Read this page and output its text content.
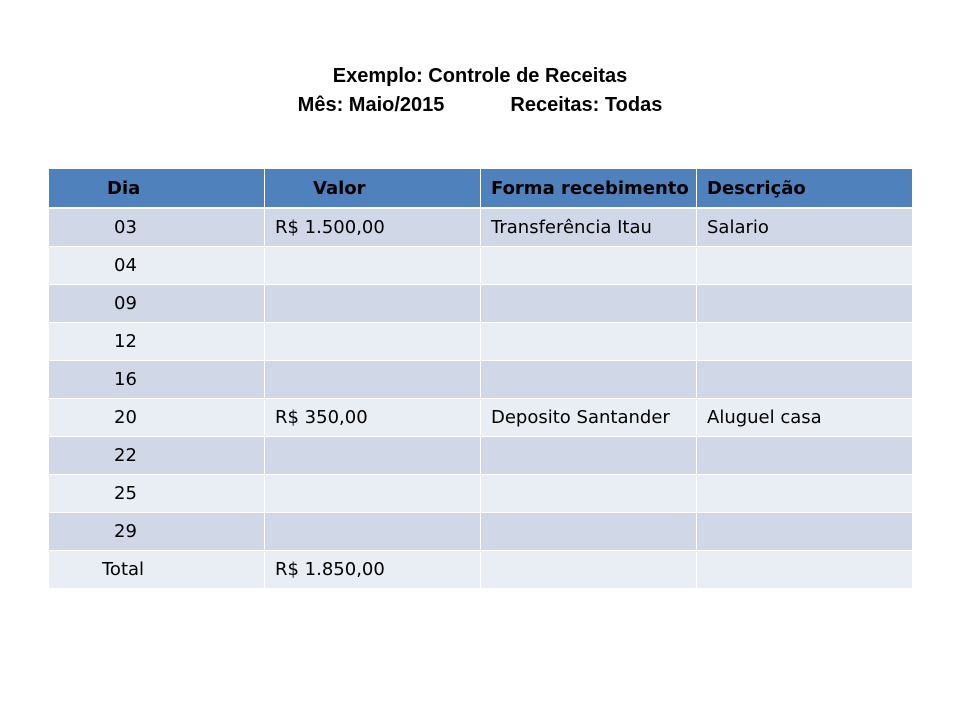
Exemplo: Controle de Receitas
Mês: Maio/2015	Receitas: Todas
Dia	Valor	Forma recebimento	Descrição
03	R$ 1.500,00	Transferência Itau	Salario
04			
09			
12			
16			
20	R$ 350,00	Deposito Santander	Aluguel casa
22			
25			
29			
Total	R$ 1.850,00		
